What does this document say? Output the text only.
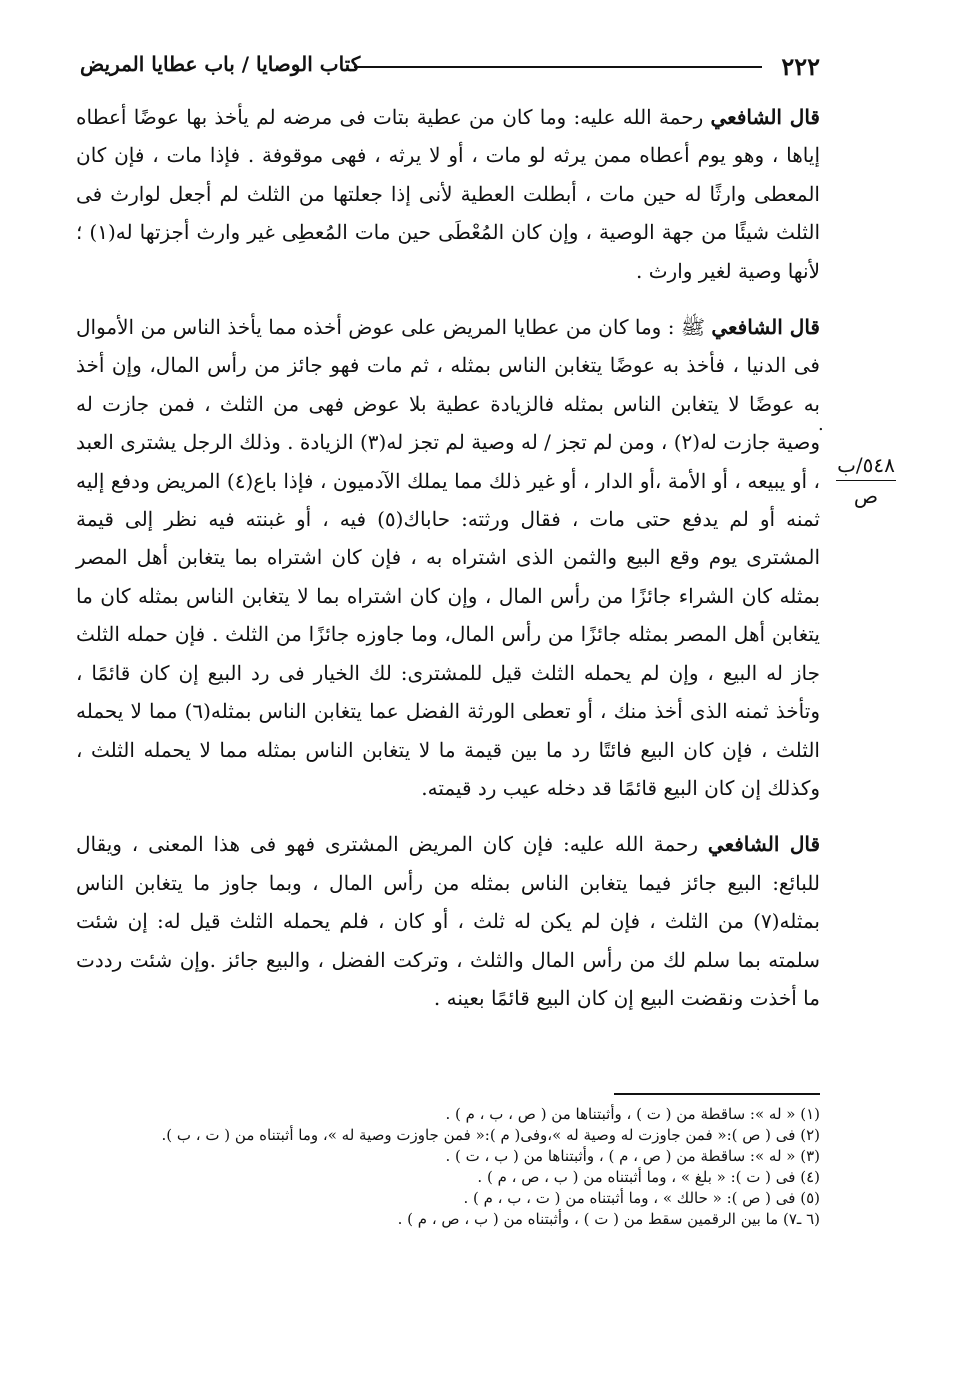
٢٢٢
كتاب الوصايا / باب عطايا المريض
.
٥٤٨/ب
ص

قال الشافعي رحمة الله عليه: وما كان من عطية بتات فى مرضه لم يأخذ بها عوضًا أعطاه إياها ، وهو يوم أعطاه ممن يرثه لو مات ، أو لا يرثه ، فهى موقوفة . فإذا مات ، فإن كان المعطى وارثًا له حين مات ، أبطلت العطية لأنى إذا جعلتها من الثلث لم أجعل لوارث فى الثلث شيئًا من جهة الوصية ، وإن كان المُعْطَى حين مات المُعطِى غير وارث أجزتها له(١) ؛ لأنها وصية لغير وارث .

قال الشافعي ﷺ : وما كان من عطايا المريض على عوض أخذه مما يأخذ الناس من الأموال فى الدنيا ، فأخذ به عوضًا يتغابن الناس بمثله ، ثم مات فهو جائز من رأس المال، وإن أخذ به عوضًا لا يتغابن الناس بمثله فالزيادة عطية بلا عوض فهى من الثلث ، فمن جازت له وصية جازت له(٢) ، ومن لم تجز / له وصية لم تجز له(٣) الزيادة . وذلك الرجل يشترى العبد ، أو يبيعه ، أو الأمة ،أو الدار ، أو غير ذلك مما يملك الآدميون ، فإذا باع(٤) المريض ودفع إليه ثمنه أو لم يدفع حتى مات ، فقال ورثته: حاباك(٥) فيه ، أو غبنته فيه نظر إلى قيمة المشترى يوم وقع البيع والثمن الذى اشتراه به ، فإن كان اشتراه بما يتغابن أهل المصر بمثله كان الشراء جائزًا من رأس المال ، وإن كان اشتراه بما لا يتغابن الناس بمثله كان ما يتغابن أهل المصر بمثله جائزًا من رأس المال، وما جاوزه جائزًا من الثلث . فإن حمله الثلث جاز له البيع ، وإن لم يحمله الثلث قيل للمشترى: لك الخيار فى رد البيع إن كان قائمًا ، وتأخذ ثمنه الذى أخذ منك ، أو تعطى الورثة الفضل عما يتغابن الناس بمثله(٦) مما لا يحمله الثلث ، فإن كان البيع فائتًا رد ما بين قيمة ما لا يتغابن الناس بمثله مما لا يحمله الثلث ، وكذلك إن كان البيع قائمًا قد دخله عيب رد قيمته.

قال الشافعي رحمة الله عليه: فإن كان المريض المشترى فهو فى هذا المعنى ، ويقال للبائع: البيع جائز فيما يتغابن الناس بمثله من رأس المال ، وبما جاوز ما يتغابن الناس بمثله(٧) من الثلث ، فإن لم يكن له ثلث ، أو كان ، فلم يحمله الثلث قيل له: إن شئت سلمته بما سلم لك من رأس المال والثلث ، وتركت الفضل ، والبيع جائز .وإن شئت رددت ما أخذت ونقضت البيع إن كان البيع قائمًا بعينه .

(١) « له »: ساقطة من ( ت ) ، وأثبتناها من ( ص ، ب ، م ) .
(٢) فى ( ص ):« فمن جاوزت له وصية له »،وفى( م ):« فمن جاوزت وصية له »، وما أثبتناه من ( ت ، ب ).
(٣) « له »: ساقطة من ( ص ، م ) ، وأثبتناها من ( ب ، ت ) .
(٤) فى ( ت ): « بلغ » ، وما أثبتناه من ( ب ، ص ، م ) .
(٥) فى ( ص ): « حالك » ، وما أثبتناه من ( ت ، ب ، م ) .
(٦ ـ٧) ما بين الرقمين سقط من ( ت ) ، وأثبتناه من ( ب ، ص ، م ) .
